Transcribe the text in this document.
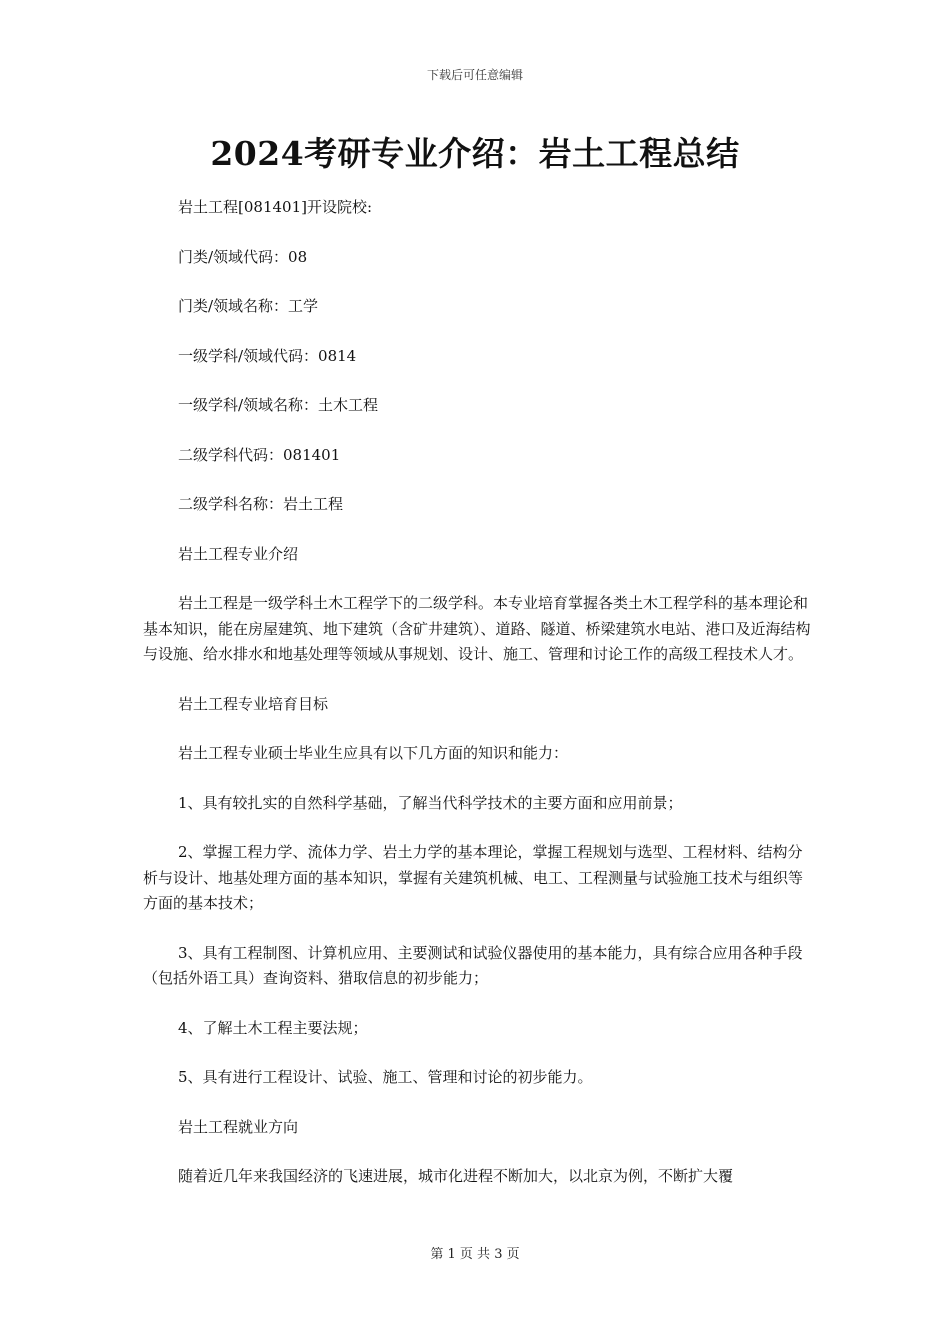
下载后可任意编辑
2024考研专业介绍：岩土工程总结

岩土工程[081401]开设院校:

门类/领域代码：08

门类/领域名称：工学

一级学科/领域代码：0814

一级学科/领域名称：土木工程

二级学科代码：081401

二级学科名称：岩土工程

岩土工程专业介绍

岩土工程是一级学科土木工程学下的二级学科。本专业培育掌握各类土木工程学科的基本理论和基本知识，能在房屋建筑、地下建筑（含矿井建筑）、道路、隧道、桥梁建筑水电站、港口及近海结构与设施、给水排水和地基处理等领域从事规划、设计、施工、管理和讨论工作的高级工程技术人才。

岩土工程专业培育目标

岩土工程专业硕士毕业生应具有以下几方面的知识和能力：

1、具有较扎实的自然科学基础，了解当代科学技术的主要方面和应用前景；

2、掌握工程力学、流体力学、岩土力学的基本理论，掌握工程规划与选型、工程材料、结构分析与设计、地基处理方面的基本知识，掌握有关建筑机械、电工、工程测量与试验施工技术与组织等方面的基本技术；

3、具有工程制图、计算机应用、主要测试和试验仪器使用的基本能力，具有综合应用各种手段（包括外语工具）查询资料、猎取信息的初步能力；

4、了解土木工程主要法规；

5、具有进行工程设计、试验、施工、管理和讨论的初步能力。

岩土工程就业方向

随着近几年来我国经济的飞速进展，城市化进程不断加大，以北京为例，不断扩大覆

第 1 页 共 3 页
